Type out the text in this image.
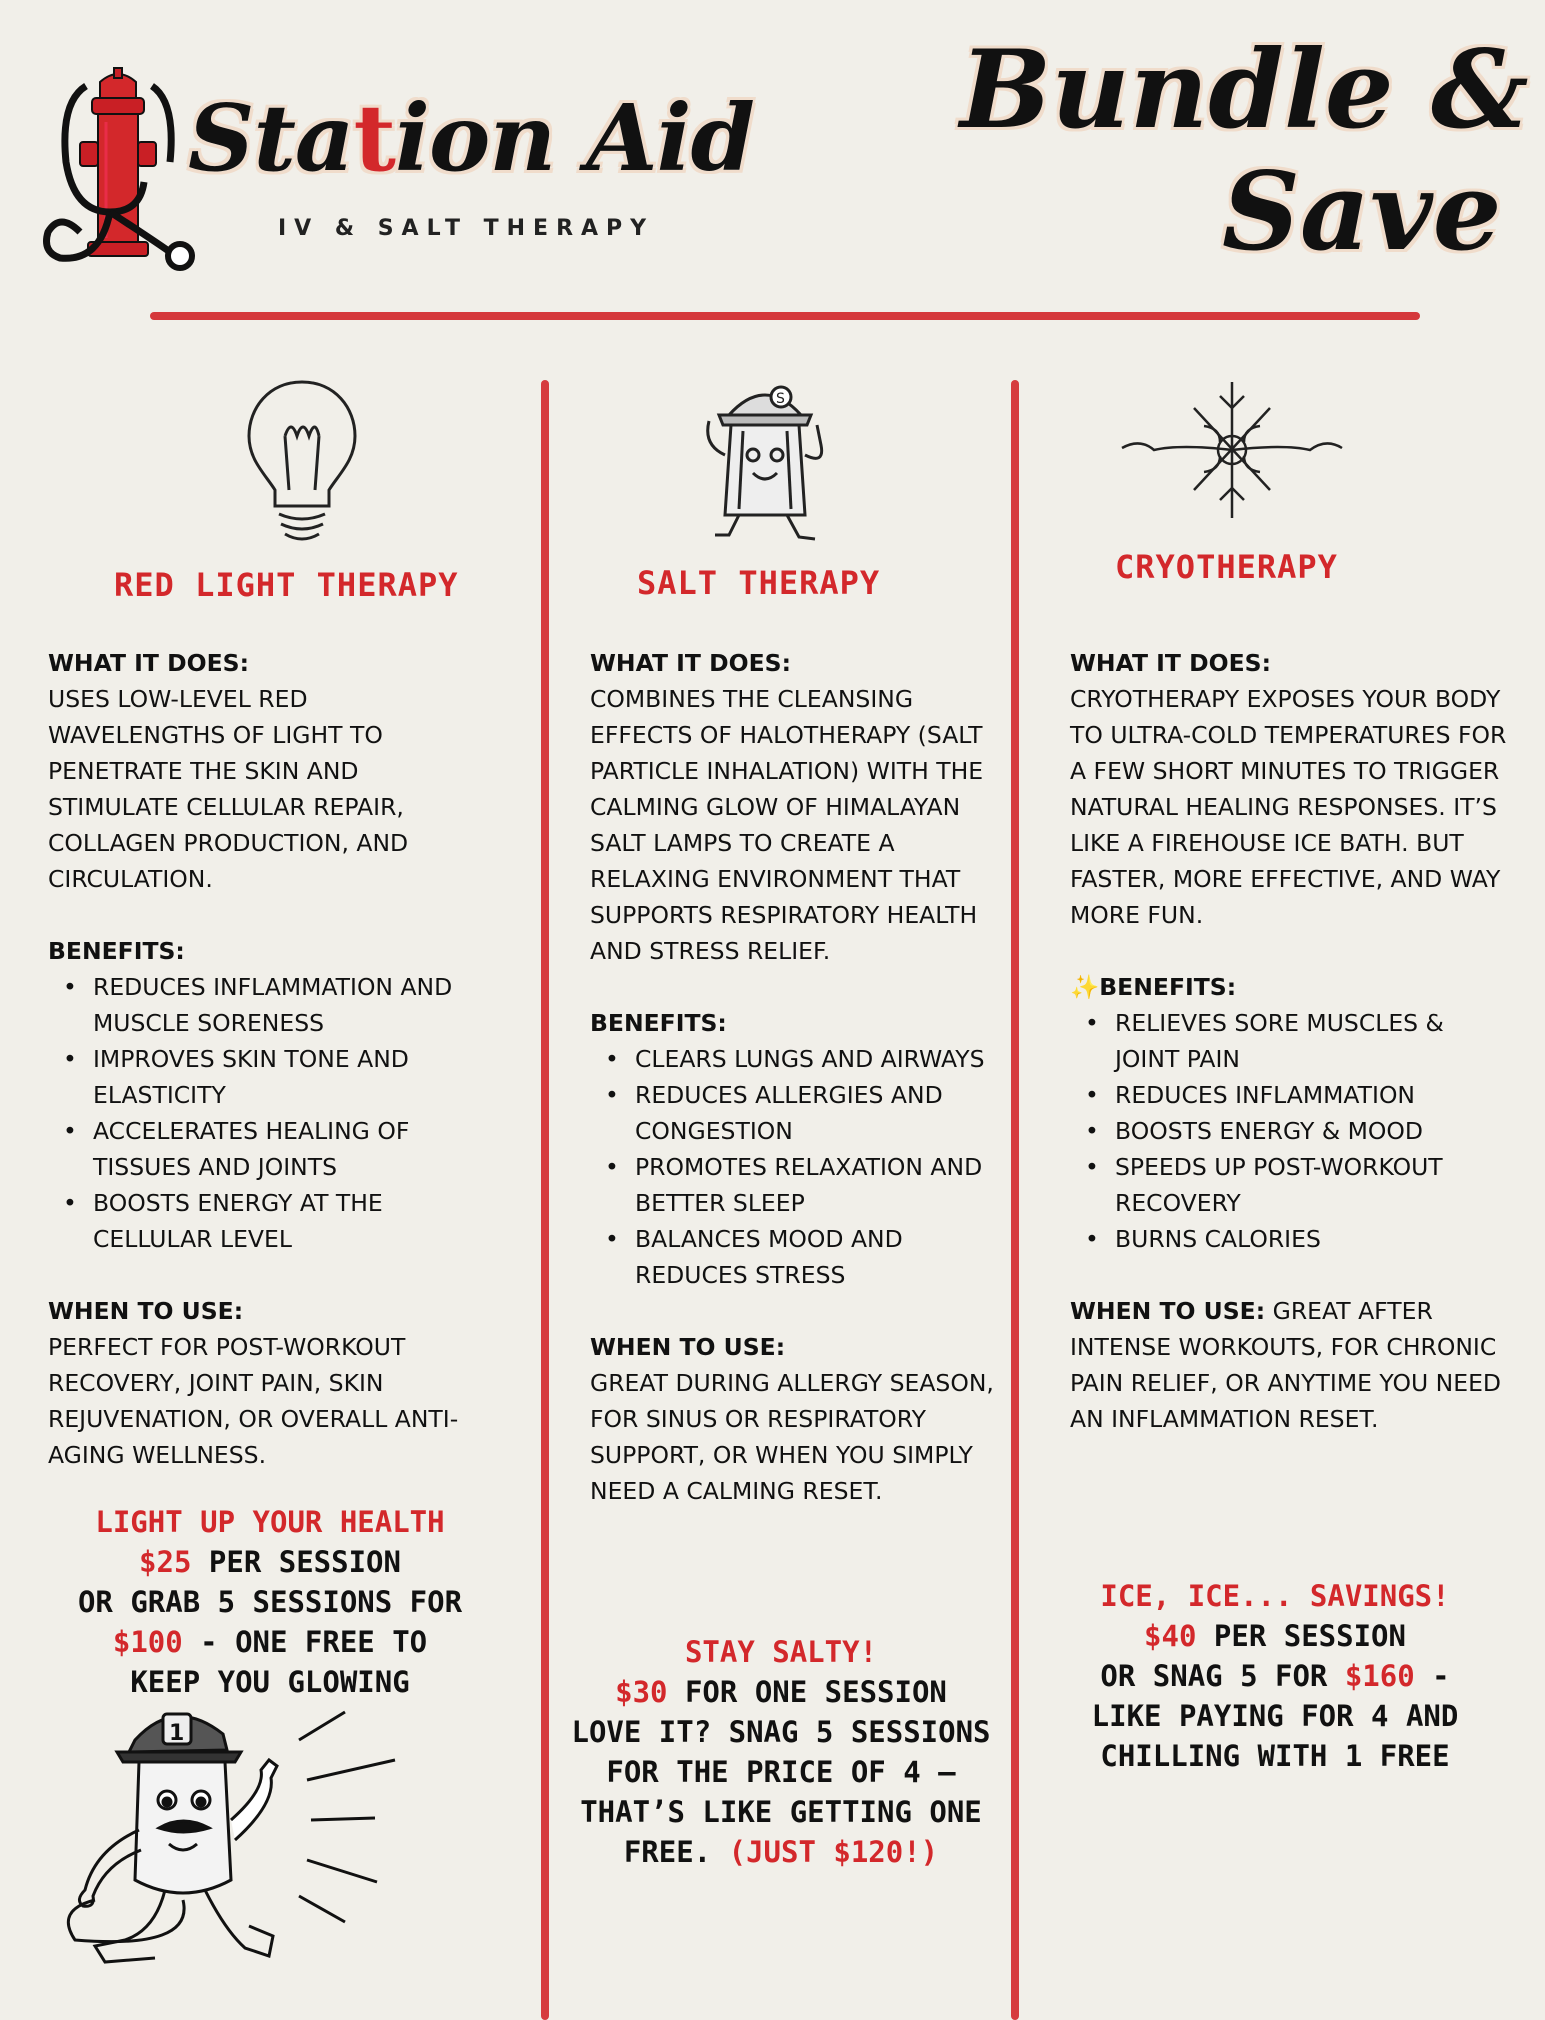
Station Aid
IV & SALT THERAPY
Bundle &
Save
S
RED LIGHT THERAPY	SALT THERAPY	CRYOTHERAPY
WHAT IT DOES:
USES LOW-LEVEL RED WAVELENGTHS OF LIGHT TO PENETRATE THE SKIN AND STIMULATE CELLULAR REPAIR, COLLAGEN PRODUCTION, AND CIRCULATION.
BENEFITS:
• REDUCES INFLAMMATION AND MUSCLE SORENESS
• IMPROVES SKIN TONE AND ELASTICITY
• ACCELERATES HEALING OF TISSUES AND JOINTS
• BOOSTS ENERGY AT THE CELLULAR LEVEL
WHEN TO USE:
PERFECT FOR POST-WORKOUT RECOVERY, JOINT PAIN, SKIN REJUVENATION, OR OVERALL ANTI-AGING WELLNESS.
LIGHT UP YOUR HEALTH
$25 PER SESSION
OR GRAB 5 SESSIONS FOR
$100 - ONE FREE TO KEEP YOU GLOWING
WHAT IT DOES:
COMBINES THE CLEANSING EFFECTS OF HALOTHERAPY (SALT PARTICLE INHALATION) WITH THE CALMING GLOW OF HIMALAYAN SALT LAMPS TO CREATE A RELAXING ENVIRONMENT THAT SUPPORTS RESPIRATORY HEALTH AND STRESS RELIEF.
BENEFITS:
• CLEARS LUNGS AND AIRWAYS
• REDUCES ALLERGIES AND CONGESTION
• PROMOTES RELAXATION AND BETTER SLEEP
• BALANCES MOOD AND REDUCES STRESS
WHEN TO USE:
GREAT DURING ALLERGY SEASON, FOR SINUS OR RESPIRATORY SUPPORT, OR WHEN YOU SIMPLY NEED A CALMING RESET.
STAY SALTY!
$30 FOR ONE SESSION
LOVE IT? SNAG 5 SESSIONS FOR THE PRICE OF 4 — THAT’S LIKE GETTING ONE FREE. (JUST $120!)
WHAT IT DOES:
CRYOTHERAPY EXPOSES YOUR BODY TO ULTRA-COLD TEMPERATURES FOR A FEW SHORT MINUTES TO TRIGGER NATURAL HEALING RESPONSES. IT’S LIKE A FIREHOUSE ICE BATH. BUT FASTER, MORE EFFECTIVE, AND WAY MORE FUN.
✨BENEFITS:
• RELIEVES SORE MUSCLES & JOINT PAIN
• REDUCES INFLAMMATION
• BOOSTS ENERGY & MOOD
• SPEEDS UP POST-WORKOUT RECOVERY
• BURNS CALORIES
WHEN TO USE: GREAT AFTER INTENSE WORKOUTS, FOR CHRONIC PAIN RELIEF, OR ANYTIME YOU NEED AN INFLAMMATION RESET.
ICE, ICE... SAVINGS!
$40 PER SESSION
OR SNAG 5 FOR $160 - LIKE PAYING FOR 4 AND CHILLING WITH 1 FREE
1
